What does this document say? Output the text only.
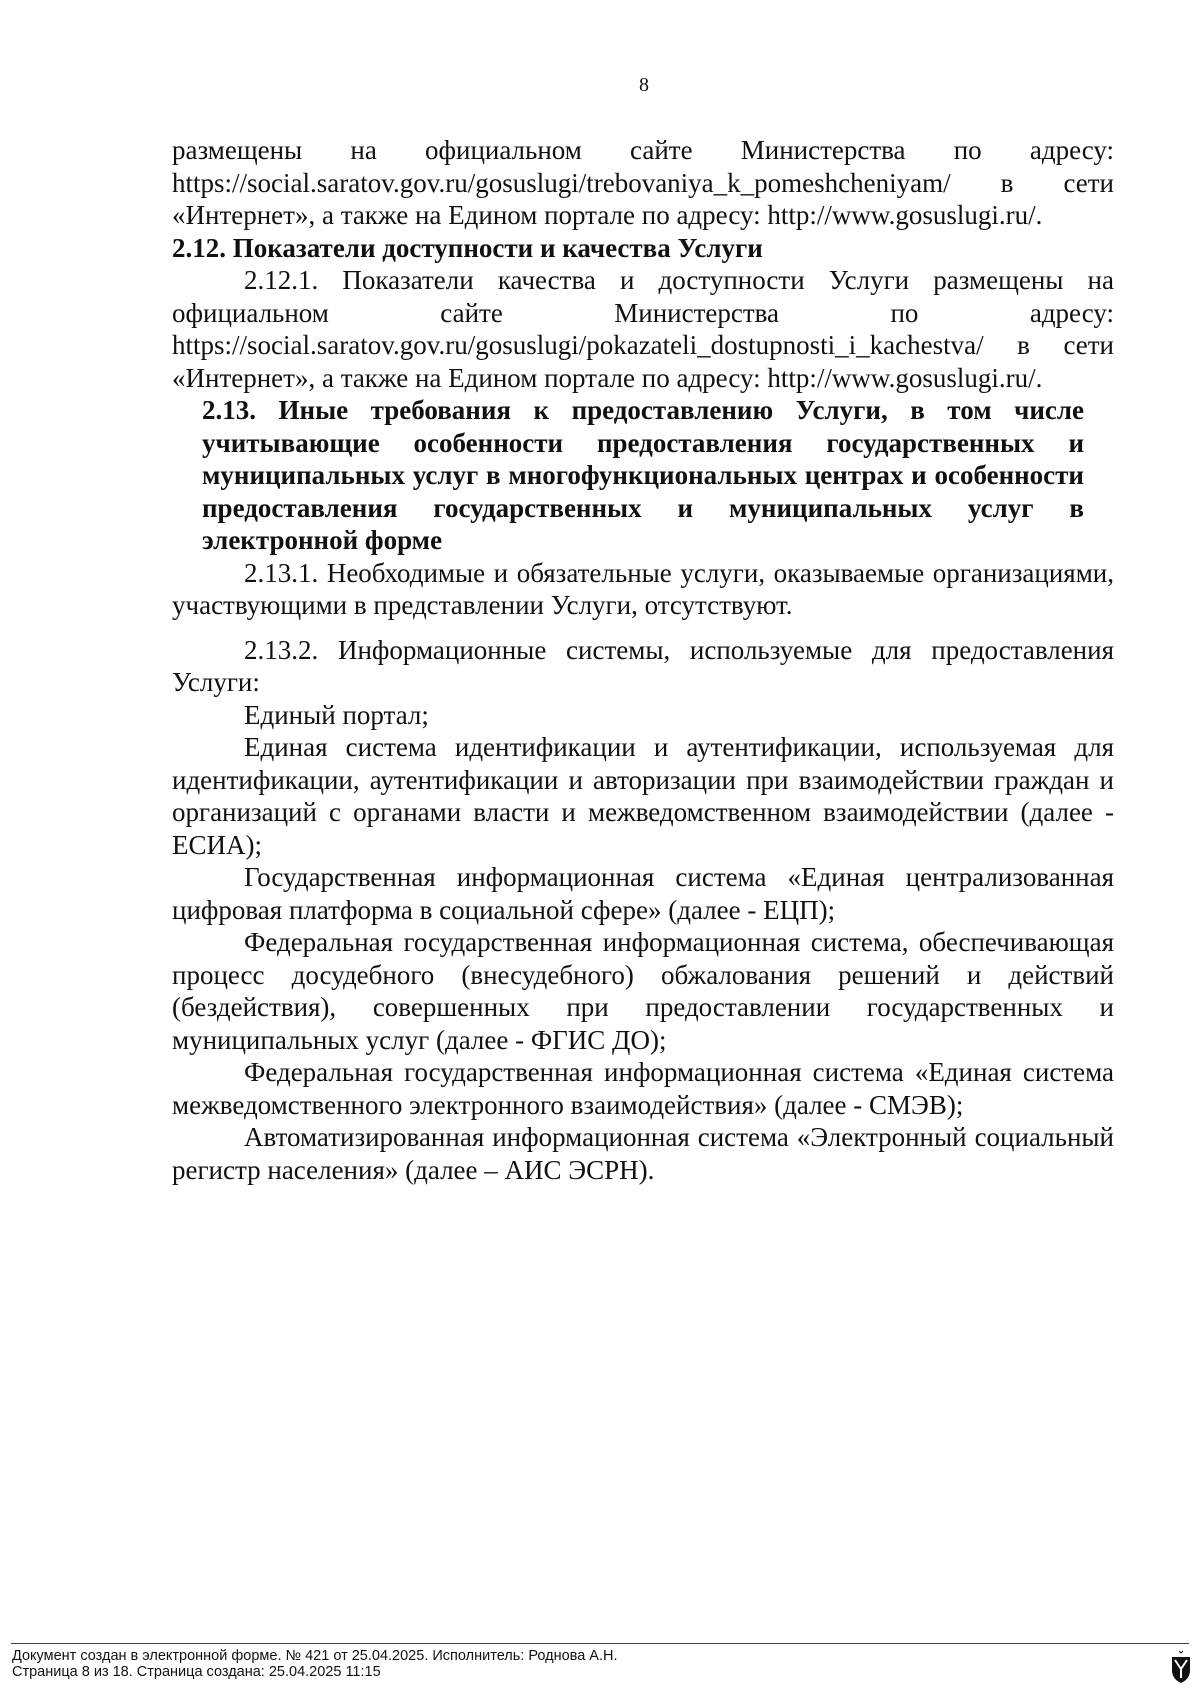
8

размещены на официальном сайте Министерства по адресу: https://social.saratov.gov.ru/gosuslugi/trebovaniya_k_pomeshcheniyam/ в сети «Интернет», а также на Едином портале по адресу: http://www.gosuslugi.ru/.

2.12. Показатели доступности и качества Услуги

2.12.1. Показатели качества и доступности Услуги размещены на официальном сайте Министерства по адресу: https://social.saratov.gov.ru/gosuslugi/pokazateli_dostupnosti_i_kachestva/ в сети «Интернет», а также на Едином портале по адресу: http://www.gosuslugi.ru/.

2.13. Иные требования к предоставлению Услуги, в том числе учитывающие особенности предоставления государственных и муниципальных услуг в многофункциональных центрах и особенности предоставления государственных и муниципальных услуг в электронной форме

2.13.1. Необходимые и обязательные услуги, оказываемые организациями, участвующими в представлении Услуги, отсутствуют.

2.13.2. Информационные системы, используемые для предоставления Услуги:

Единый портал;

Единая система идентификации и аутентификации, используемая для идентификации, аутентификации и авторизации при взаимодействии граждан и организаций с органами власти и межведомственном взаимодействии (далее - ЕСИА);

Государственная информационная система «Единая централизованная цифровая платформа в социальной сфере» (далее - ЕЦП);

Федеральная государственная информационная система, обеспечивающая процесс досудебного (внесудебного) обжалования решений и действий (бездействия), совершенных при предоставлении государственных и муниципальных услуг (далее - ФГИС ДО);

Федеральная государственная информационная система «Единая система межведомственного электронного взаимодействия» (далее - СМЭВ);

Автоматизированная информационная система «Электронный социальный регистр населения» (далее – АИС ЭСРН).

Документ создан в электронной форме. № 421 от 25.04.2025. Исполнитель: Роднова А.Н.
Страница 8 из 18. Страница создана: 25.04.2025 11:15
